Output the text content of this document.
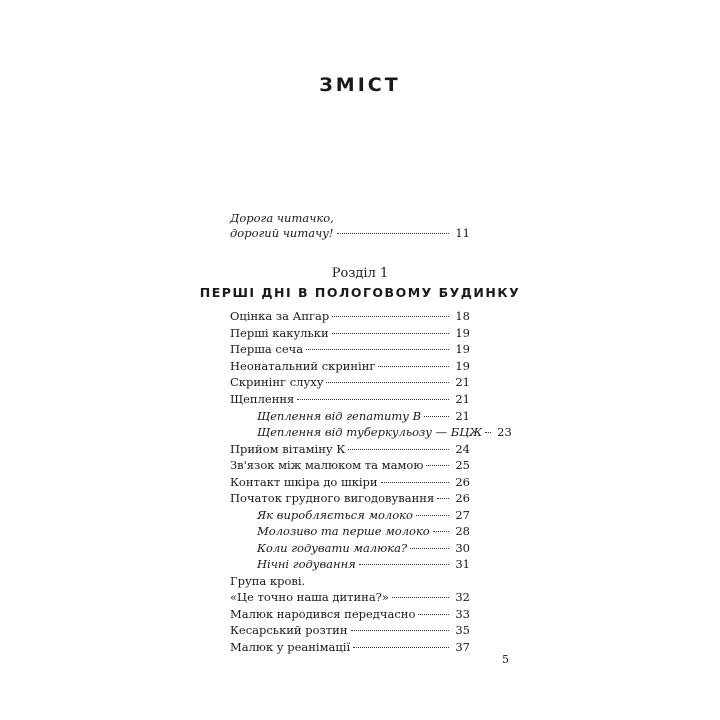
ЗМІСТ
Дорога читачко,
дорогий читачу!	11
Розділ 1
ПЕРШІ ДНІ В ПОЛОГОВОМУ БУДИНКУ
Оцінка за Апгар	18
Перші какульки	19
Перша сеча	19
Неонатальний скринінг	19
Скринінг слуху	21
Щеплення	21
Щеплення від гепатиту В	21
Щеплення від туберкульозу — БЦЖ 23
Прийом вітаміну К	24
Зв'язок між малюком та мамою	25
Контакт шкіра до шкіри	26
Початок грудного вигодовування 26
Як виробляється молоко	27
Молозиво та перше молоко 28
Коли годувати малюка?	30
Нічні годування	31
Група крові.
«Це точно наша дитина?»	32
Малюк народився передчасно	33
Кесарський розтин	35
Малюк у реанімації	37
5
